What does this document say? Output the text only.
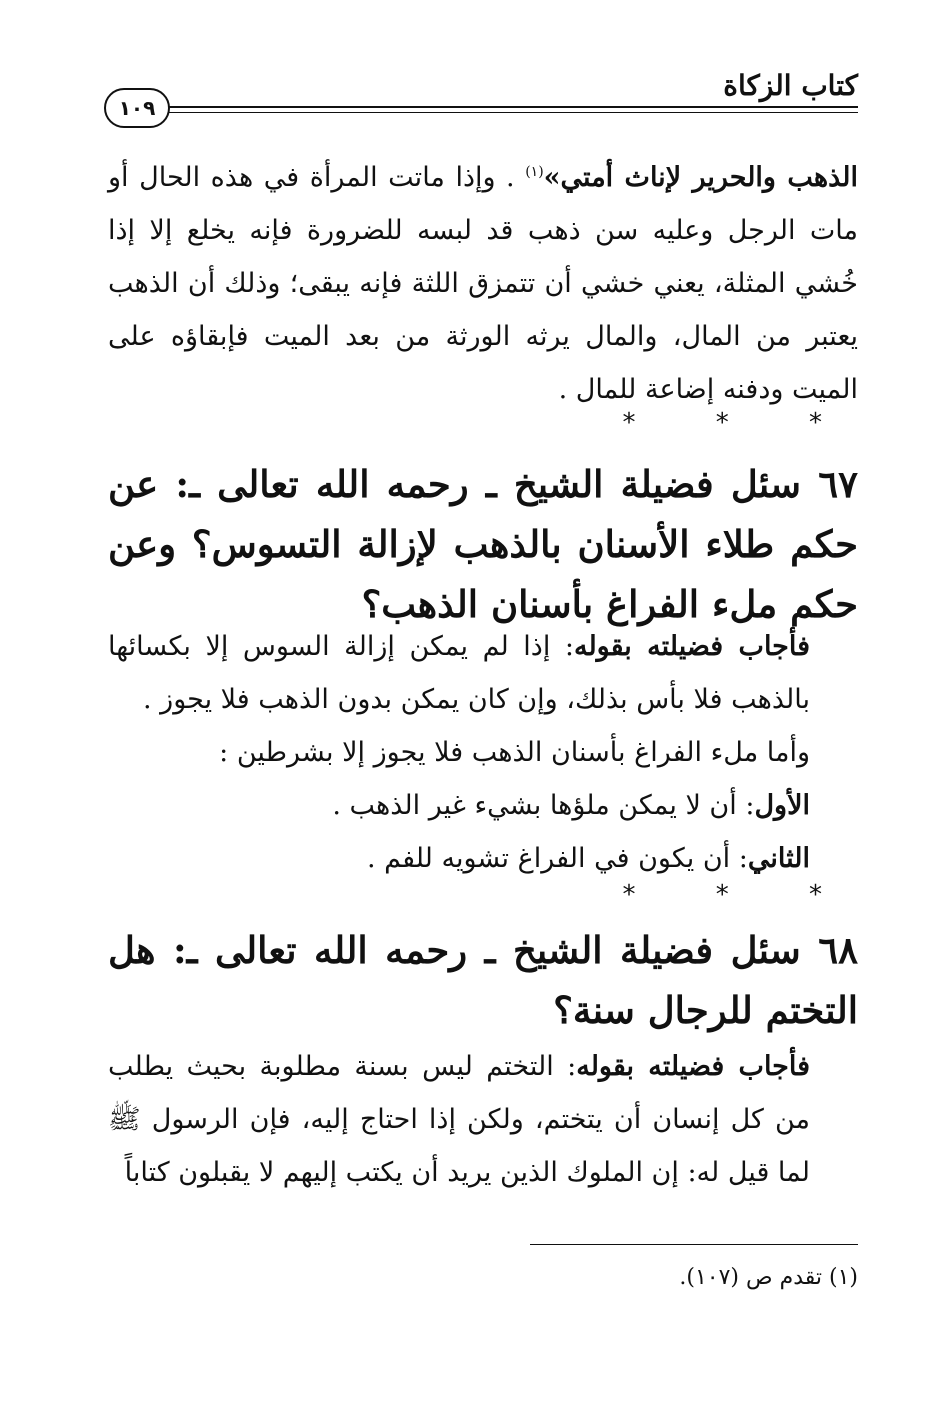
كتاب الزكاة
١٠٩

الذهب والحرير لإناث أمتي»$^{(١)}$ . وإذا ماتت المرأة في هذه الحال أو مات الرجل وعليه سن ذهب قد لبسه للضرورة فإنه يخلع إلا إذا خُشي المثلة، يعني خشي أن تتمزق اللثة فإنه يبقى؛ وذلك أن الذهب يعتبر من المال، والمال يرثه الورثة من بعد الميت فإبقاؤه على الميت ودفنه إضاعة للمال .

* * *

٦٧ سئل فضيلة الشيخ ـ رحمه الله تعالى ـ: عن حكم طلاء الأسنان بالذهب لإزالة التسوس؟ وعن حكم ملء الفراغ بأسنان الذهب؟

فأجاب فضيلته بقوله: إذا لم يمكن إزالة السوس إلا بكسائها بالذهب فلا بأس بذلك، وإن كان يمكن بدون الذهب فلا يجوز .

وأما ملء الفراغ بأسنان الذهب فلا يجوز إلا بشرطين :

الأول: أن لا يمكن ملؤها بشيء غير الذهب .

الثاني: أن يكون في الفراغ تشويه للفم .

* * *

٦٨ سئل فضيلة الشيخ ـ رحمه الله تعالى ـ: هل التختم للرجال سنة؟

فأجاب فضيلته بقوله: التختم ليس بسنة مطلوبة بحيث يطلب من كل إنسان أن يتختم، ولكن إذا احتاج إليه، فإن الرسول ﷺ لما قيل له: إن الملوك الذين يريد أن يكتب إليهم لا يقبلون كتاباً

(١) تقدم ص (١٠٧).
